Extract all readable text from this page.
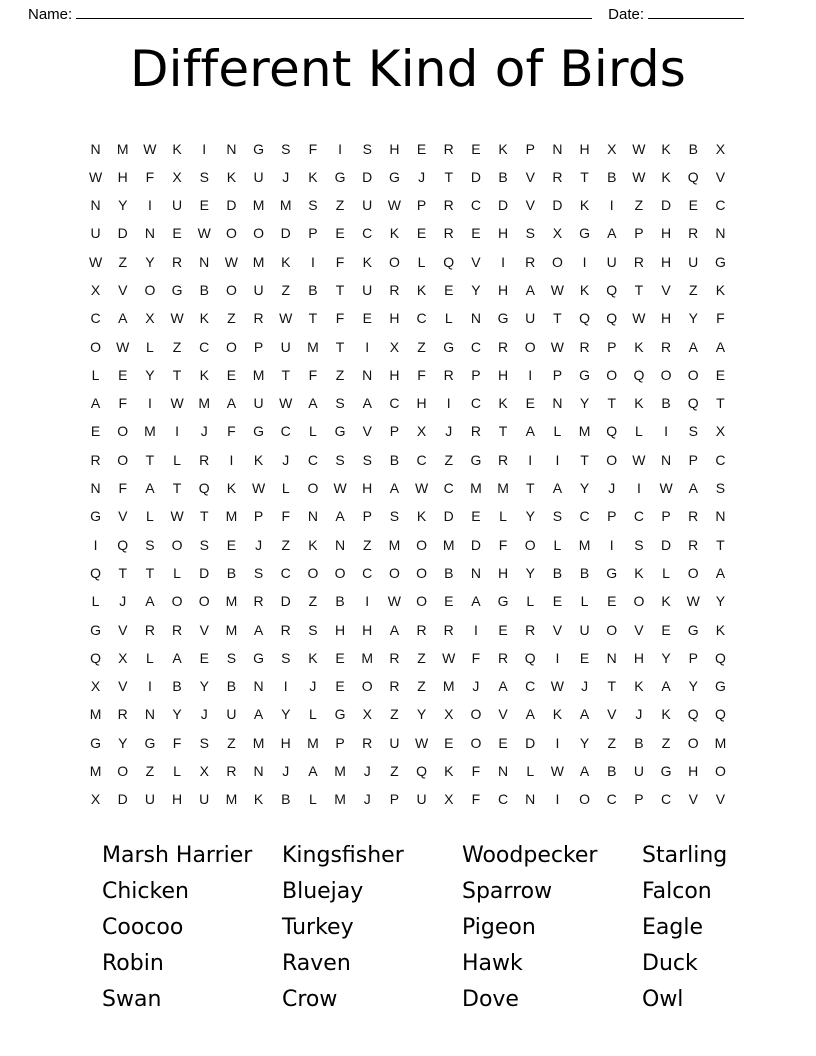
Name:	Date:
Different Kind of Birds
N	M	W	K	I	N	G	S	F	I	S	H	E	R	E	K	P	N	H	X	W	K	B	X
W	H	F	X	S	K	U	J	K	G	D	G	J	T	D	B	V	R	T	B	W	K	Q	V
N	Y	I	U	E	D	M	M	S	Z	U	W	P	R	C	D	V	D	K	I	Z	D	E	C
U	D	N	E	W	O	O	D	P	E	C	K	E	R	E	H	S	X	G	A	P	H	R	N
W	Z	Y	R	N	W	M	K	I	F	K	O	L	Q	V	I	R	O	I	U	R	H	U	G
X	V	O	G	B	O	U	Z	B	T	U	R	K	E	Y	H	A	W	K	Q	T	V	Z	K
C	A	X	W	K	Z	R	W	T	F	E	H	C	L	N	G	U	T	Q	Q	W	H	Y	F
O	W	L	Z	C	O	P	U	M	T	I	X	Z	G	C	R	O	W	R	P	K	R	A	A
L	E	Y	T	K	E	M	T	F	Z	N	H	F	R	P	H	I	P	G	O	Q	O	O	E
A	F	I	W	M	A	U	W	A	S	A	C	H	I	C	K	E	N	Y	T	K	B	Q	T
E	O	M	I	J	F	G	C	L	G	V	P	X	J	R	T	A	L	M	Q	L	I	S	X
R	O	T	L	R	I	K	J	C	S	S	B	C	Z	G	R	I	I	T	O	W	N	P	C
N	F	A	T	Q	K	W	L	O	W	H	A	W	C	M	M	T	A	Y	J	I	W	A	S
G	V	L	W	T	M	P	F	N	A	P	S	K	D	E	L	Y	S	C	P	C	P	R	N
I	Q	S	O	S	E	J	Z	K	N	Z	M	O	M	D	F	O	L	M	I	S	D	R	T
Q	T	T	L	D	B	S	C	O	O	C	O	O	B	N	H	Y	B	B	G	K	L	O	A
L	J	A	O	O	M	R	D	Z	B	I	W	O	E	A	G	L	E	L	E	O	K	W	Y
G	V	R	R	V	M	A	R	S	H	H	A	R	R	I	E	R	V	U	O	V	E	G	K
Q	X	L	A	E	S	G	S	K	E	M	R	Z	W	F	R	Q	I	E	N	H	Y	P	Q
X	V	I	B	Y	B	N	I	J	E	O	R	Z	M	J	A	C	W	J	T	K	A	Y	G
M	R	N	Y	J	U	A	Y	L	G	X	Z	Y	X	O	V	A	K	A	V	J	K	Q	Q
G	Y	G	F	S	Z	M	H	M	P	R	U	W	E	O	E	D	I	Y	Z	B	Z	O	M
M	O	Z	L	X	R	N	J	A	M	J	Z	Q	K	F	N	L	W	A	B	U	G	H	O
X	D	U	H	U	M	K	B	L	M	J	P	U	X	F	C	N	I	O	C	P	C	V	V
Marsh Harrier	Kingsfisher	Woodpecker	Starling
Chicken	Bluejay	Sparrow	Falcon
Coocoo	Turkey	Pigeon	Eagle
Robin	Raven	Hawk	Duck
Swan	Crow	Dove	Owl
